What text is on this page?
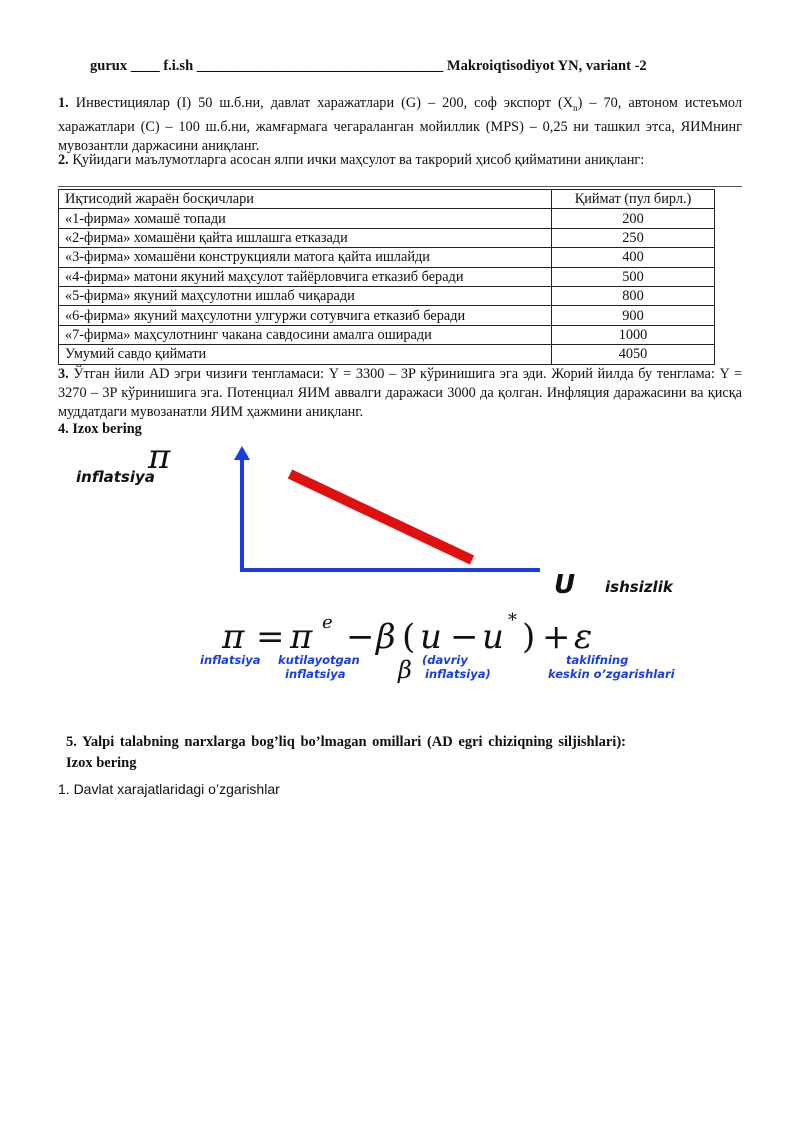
gurux ____ f.i.sh __________________________________ Makroiqtisodiyot YN, variant -2
1. Инвестициялар (I) 50 ш.б.ни, давлат харажатлари (G) – 200, соф экспорт $(X_n) - 70$, автоном истеъмол харажатлари (C) – 100 ш.б.ни, жамғармага чегараланган мойиллик (MPS) – 0,25 ни ташкил этса, ЯИМнинг мувозантли даржасини аниқланг.
2. Қуйидаги маълумотларга асосан ялпи ички маҳсулот ва такрорий ҳисоб қийматини аниқланг:
Иқтисодий жараён босқичлари	Қиймат (пул бирл.)
«1-фирма» хомашё топади	200
«2-фирма» хомашёни қайта ишлашга етказади	250
«3-фирма» хомашёни конструкцияли матога қайта ишлайди	400
«4-фирма» матони якуний маҳсулот тайёрловчига етказиб беради	500
«5-фирма» якуний маҳсулотни ишлаб чиқаради	800
«6-фирма» якуний маҳсулотни улгуржи сотувчига етказиб беради	900
«7-фирма» маҳсулотнинг чакана савдосини амалга оширади	1000
Умумий савдо қиймати	4050
3. Ўтган йили AD эгри чизиғи тенгламаси: Y = 3300 – 3P кўринишига эга эди. Жорий йилда бу тенглама: Y = 3270 – 3P кўринишига эга. Потенциал ЯИМ аввалги даражаси 3000 да қолган. Инфляция даражасини ва қисқа муддатдаги мувозанатли ЯИМ ҳажмини аниқланг.
4. Izox bering
π
inflatsiya
U ishsizlik
π = π e − β ( u − u * ) + ε
inflatsiya kutilayotgan
inflatsiya
(davriy
inflatsiya)
taklifning
keskin o’zgarishlari
β
5. Yalpi talabning narxlarga bog’liq bo’lmagan omillari (AD egri chiziqning siljishlari): Izox bering
1. Davlat xarajatlaridagi o’zgarishlar
